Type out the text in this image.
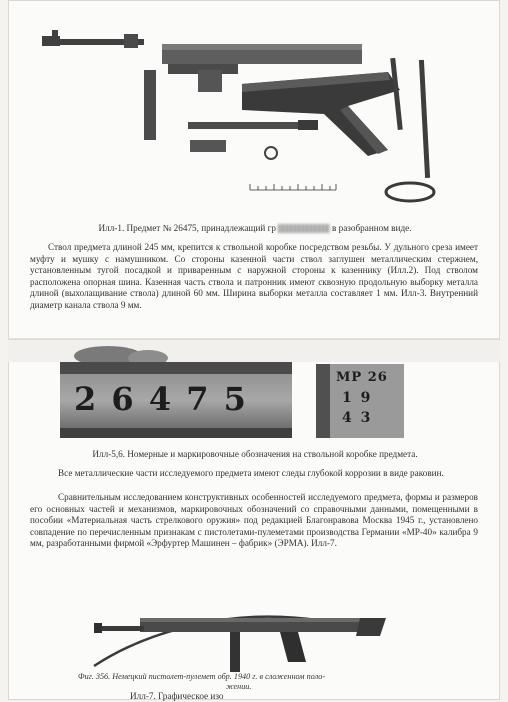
Илл-1. Предмет № 26475, принадлежащий гр	в разобранном виде.
Ствол предмета длиной 245 мм, крепится к ствольной коробке посредством резьбы. У дульного среза имеет муфту и мушку с намушником. Со стороны казенной части ствол заглушен металлическим стержнем, установленным тугой посадкой и приваренным с наружной стороны к казеннику (Илл.2). Под стволом расположена опорная шина. Казенная часть ствола и патронник имеют сквозную продольную выборку металла длиной (выхолащивание ствола) длиной 60 мм. Ширина выборки металла составляет 1 мм. Илл-3. Внутренний диаметр канала ствола 9 мм.
2 6 4 7 5
МР 26
1 9
4 3
Илл-5,6. Номерные и маркировочные обозначения на ствольной коробке предмета.
Все металлические части исследуемого предмета имеют следы глубокой коррозии в виде раковин.
Сравнительным исследованием конструктивных особенностей исследуемого предмета, формы и размеров его основных частей и механизмов, маркировочных обозначений со справочными данными, помещенными в пособии «Материальная часть стрелкового оружия» под редакцией Благонравова Москва 1945 г., установлено совпадение по перечисленным признакам с пистолетами-пулеметами производства Германии «МР-40» калибра 9 мм, разработанными фирмой «Эрфуртер Машинен – фабрик» (ЭРМА). Илл-7.
Фиг. 356. Немецкий пистолет-пулемет обр. 1940 г. в сложенном поло-
жении.
Илл-7. Графическое изо
